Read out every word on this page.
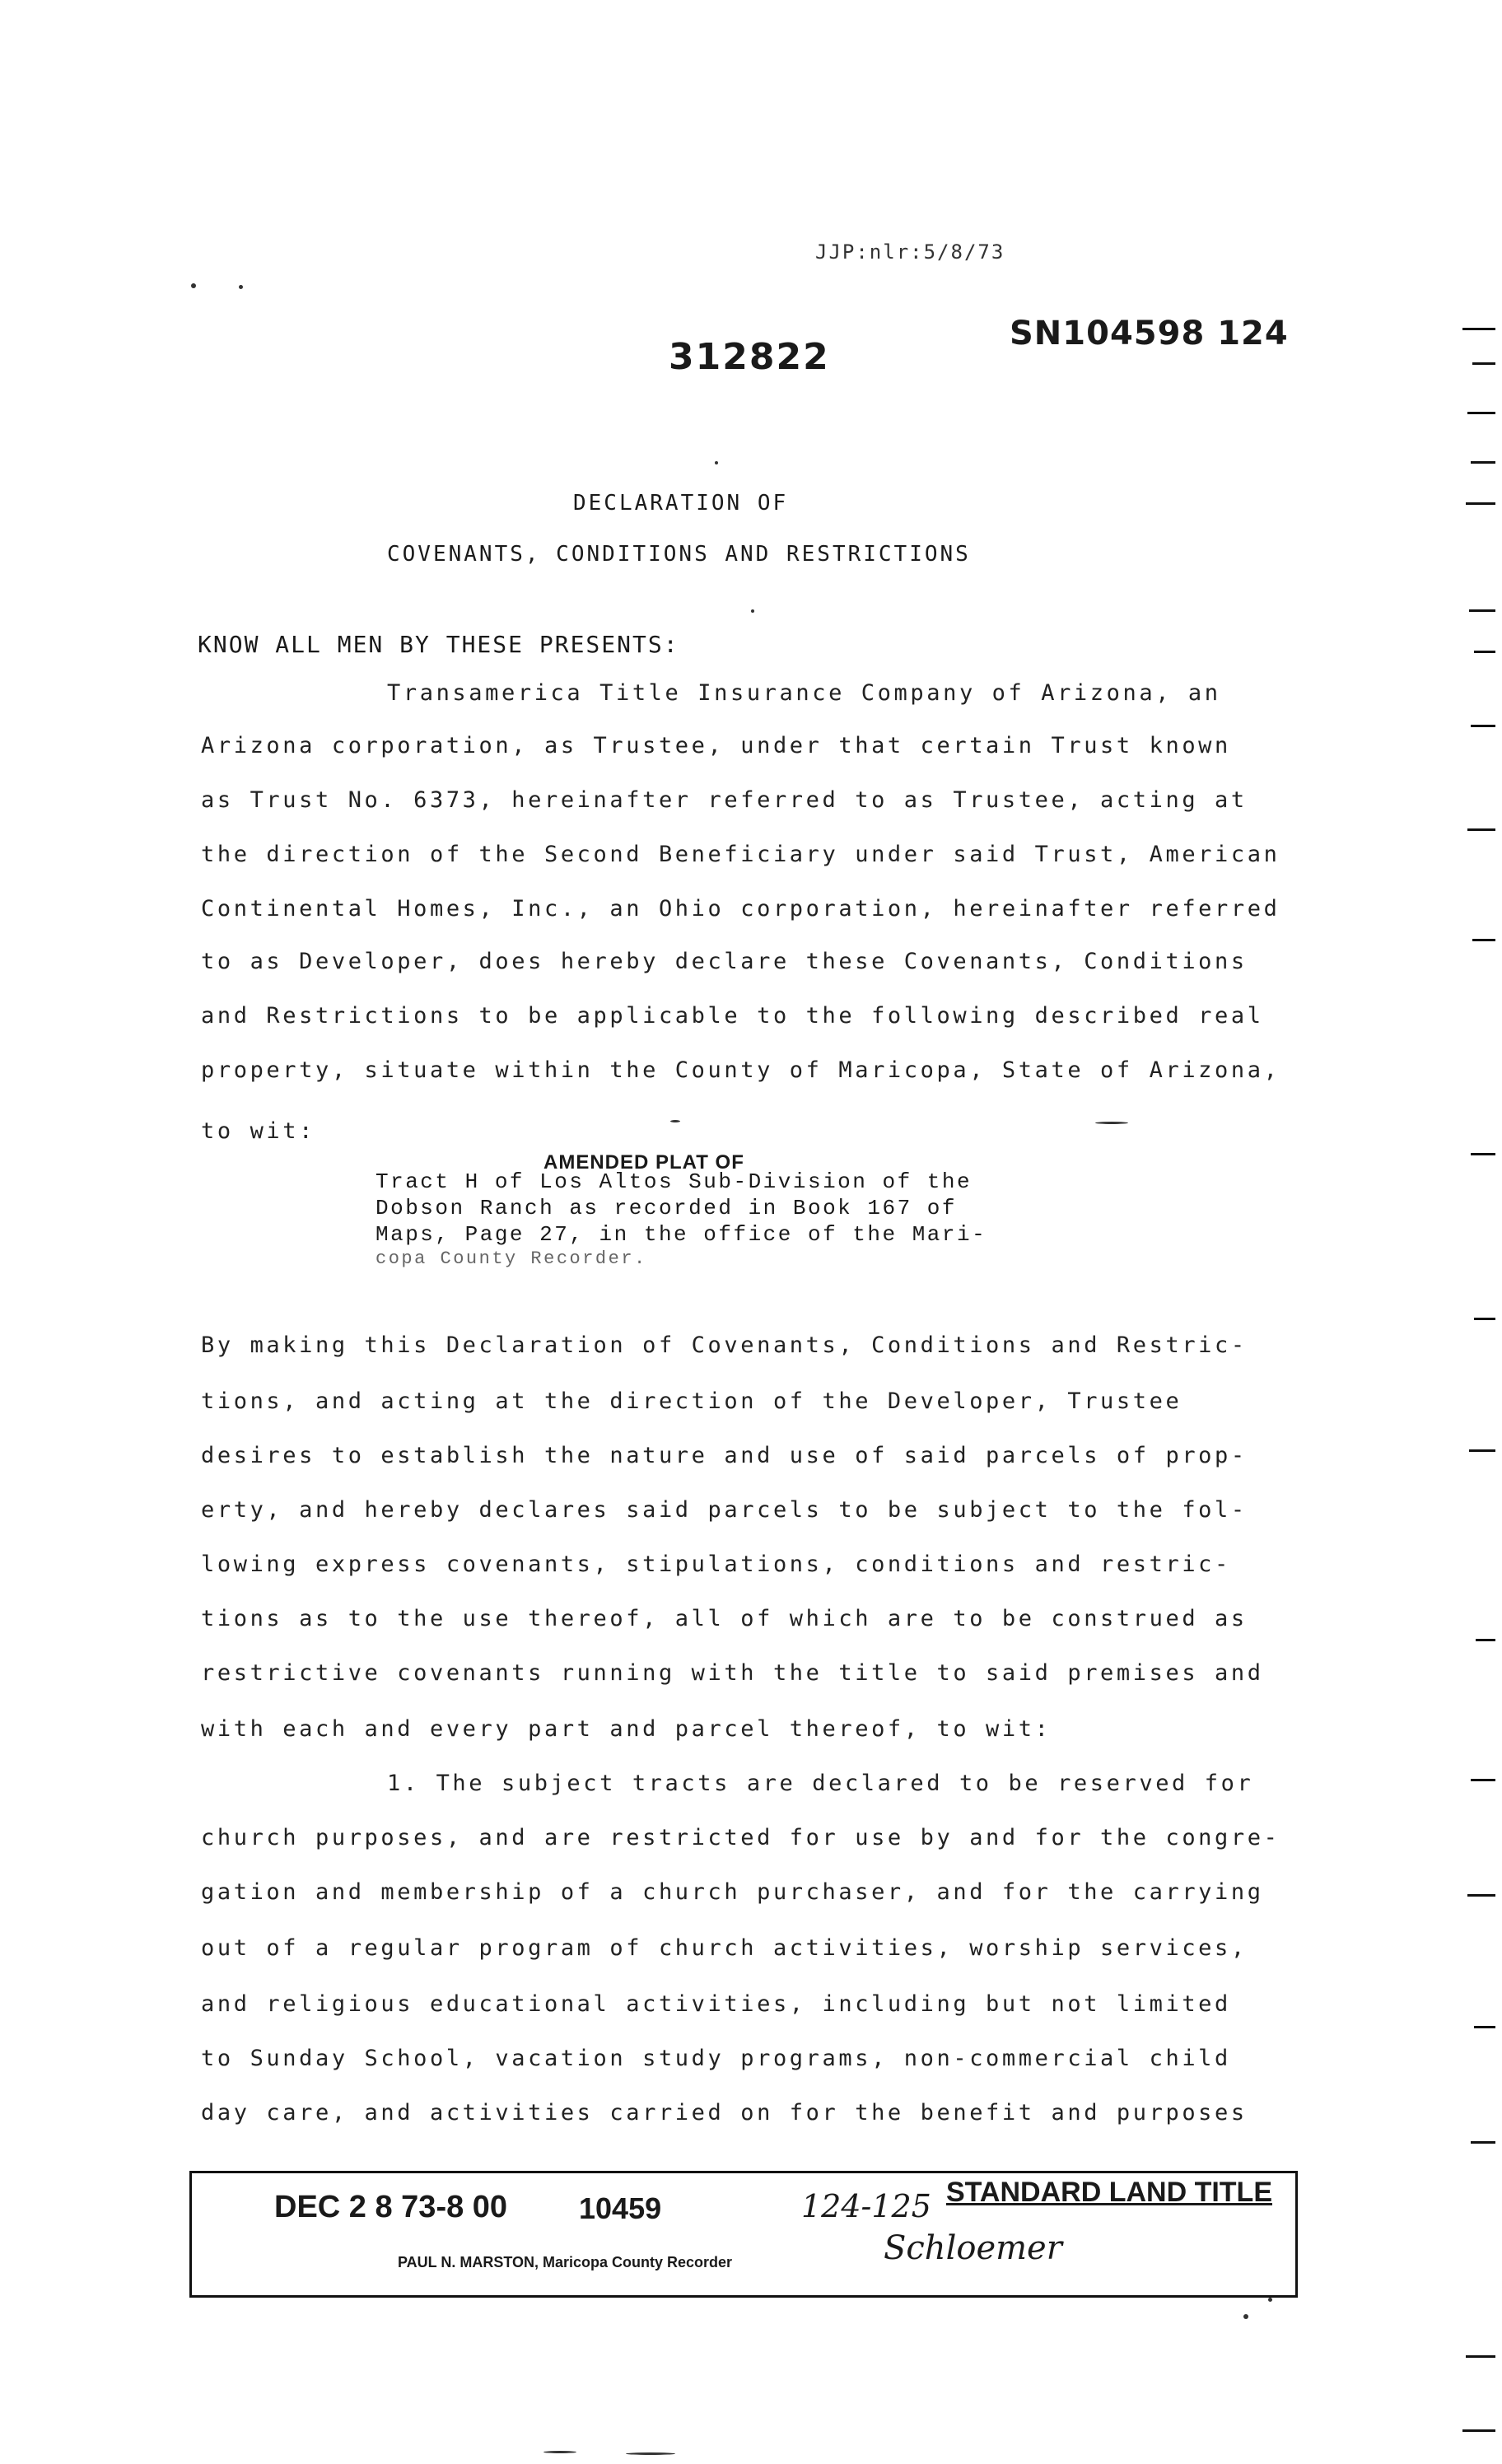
JJP:nlr:5/8/73
312822
SN104598 124
DECLARATION OF
COVENANTS, CONDITIONS AND RESTRICTIONS
KNOW ALL MEN BY THESE PRESENTS:
Transamerica Title Insurance Company of Arizona, an
Arizona corporation, as Trustee, under that certain Trust known
as Trust No. 6373, hereinafter referred to as Trustee, acting at
the direction of the Second Beneficiary under said Trust, American
Continental Homes, Inc., an Ohio corporation, hereinafter referred
to as Developer, does hereby declare these Covenants, Conditions
and Restrictions to be applicable to the following described real
property, situate within the County of Maricopa, State of Arizona,
to wit:
AMENDED PLAT OF
Tract H of Los Altos Sub-Division of the
Dobson Ranch as recorded in Book 167 of
Maps, Page 27, in the office of the Mari-
copa County Recorder.
By making this Declaration of Covenants, Conditions and Restric-
tions, and acting at the direction of the Developer, Trustee
desires to establish the nature and use of said parcels of prop-
erty, and hereby declares said parcels to be subject to the fol-
lowing express covenants, stipulations, conditions and restric-
tions as to the use thereof, all of which are to be construed as
restrictive covenants running with the title to said premises and
with each and every part and parcel thereof, to wit:
1. The subject tracts are declared to be reserved for
church purposes, and are restricted for use by and for the congre-
gation and membership of a church purchaser, and for the carrying
out of a regular program of church activities, worship services,
and religious educational activities, including but not limited
to Sunday School, vacation study programs, non-commercial child
day care, and activities carried on for the benefit and purposes
DEC 2 8 73-8 00 10459	124-125 STANDARD LAND TITLE
PAUL N. MARSTON, Maricopa County Recorder	Schloemer
